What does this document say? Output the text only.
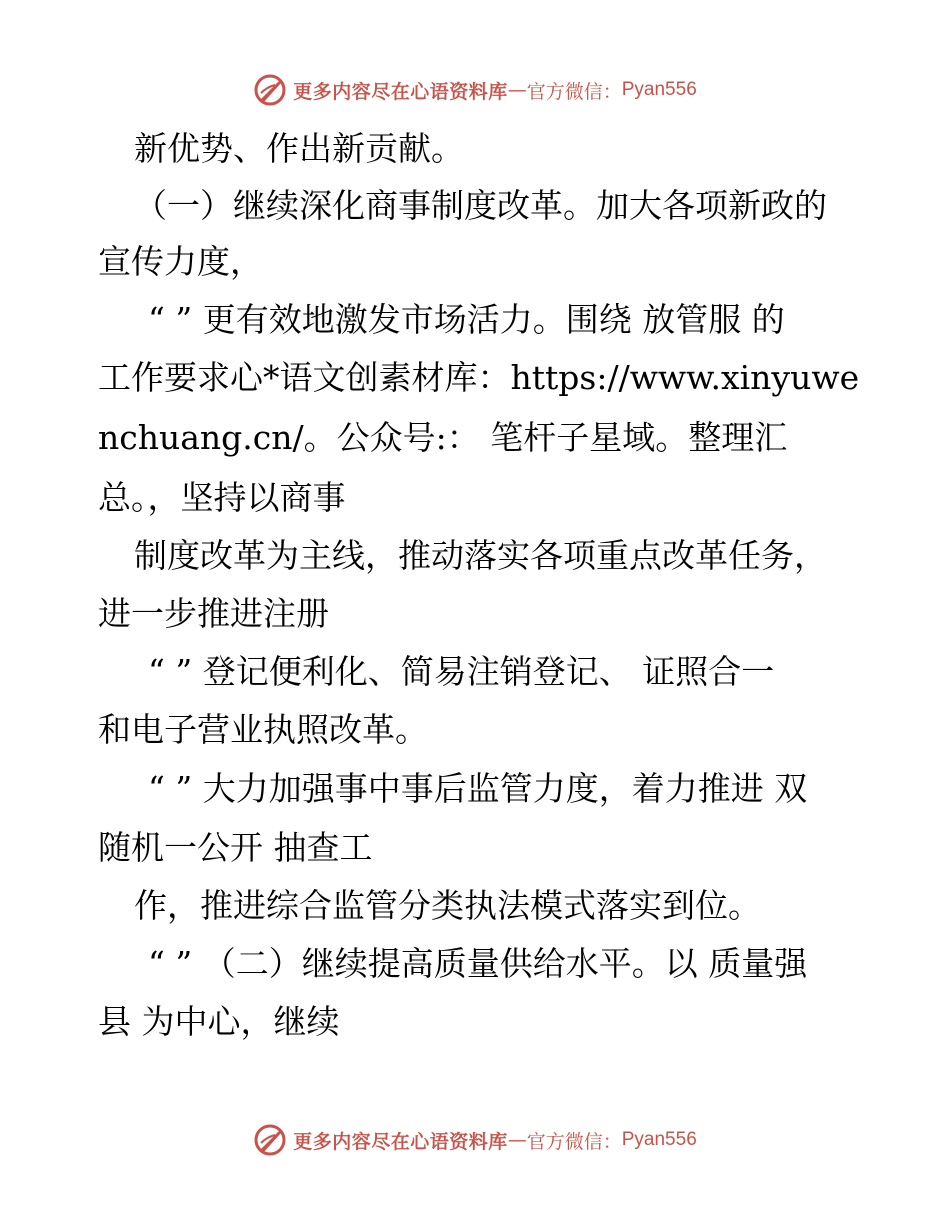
更多内容尽在心语资料库 — 官方微信： Pyan556
新优势、作出新贡献。
（一）继续深化商事制度改革。加大各项新政的
宣传力度，
“ ” 更有效地激发市场活力。围绕 放管服 的
工作要求心*语文创素材库：https://www.xinyuwe
nchuang.cn/。公众号:： 笔杆子星域。整理汇
总。，坚持以商事
制度改革为主线，推动落实各项重点改革任务，
进一步推进注册
“ ” 登记便利化、简易注销登记、 证照合一
和电子营业执照改革。
“ ” 大力加强事中事后监管力度，着力推进 双
随机一公开 抽查工
作，推进综合监管分类执法模式落实到位。
“ ” （二）继续提高质量供给水平。以 质量强
县 为中心，继续
更多内容尽在心语资料库 — 官方微信： Pyan556
